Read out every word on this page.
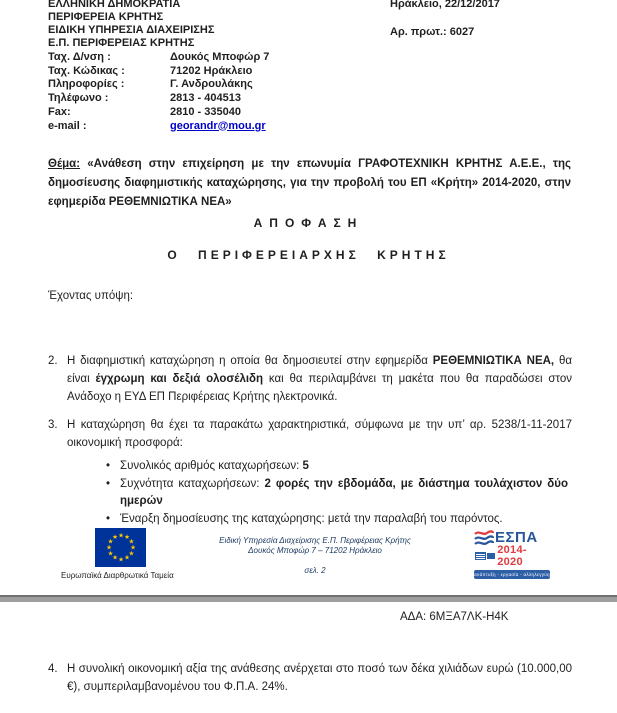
ΕΛΛΗΝΙΚΗ ΔΗΜΟΚΡΑΤΙΑ
ΠΕΡΙΦΕΡΕΙΑ ΚΡΗΤΗΣ
ΕΙΔΙΚΗ ΥΠΗΡΕΣΙΑ ΔΙΑΧΕΙΡΙΣΗΣ
Ε.Π. ΠΕΡΙΦΕΡΕΙΑΣ ΚΡΗΤΗΣ
Ηράκλειο, 22/12/2017
Αρ. πρωτ.: 6027
Ταχ. Δ/νση :	Δουκός Μποφώρ 7
Ταχ. Κώδικας :	71202 Ηράκλειο
Πληροφορίες :	Γ. Ανδρουλάκης
Τηλέφωνο :	2813 - 404513
Fax:	2810 - 335040
e-mail :	georandr@mou.gr
Θέμα: «Ανάθεση στην επιχείρηση με την επωνυμία ΓΡΑΦΟΤΕΧΝΙΚΗ ΚΡΗΤΗΣ Α.Ε.Ε., της δημοσίευσης διαφημιστικής καταχώρησης, για την προβολή του ΕΠ «Κρήτη» 2014-2020, στην εφημερίδα ΡΕΘΕΜΝΙΩΤΙΚΑ ΝΕΑ»
ΑΠΟΦΑΣΗ
Ο ΠΕΡΙΦΕΡΕΙΑΡΧΗΣ ΚΡΗΤΗΣ
Έχοντας υπόψη:
2. Η διαφημιστική καταχώρηση η οποία θα δημοσιευτεί στην εφημερίδα ΡΕΘΕΜΝΙΩΤΙΚΑ ΝΕΑ, θα είναι έγχρωμη και δεξιά ολοσέλιδη και θα περιλαμβάνει τη μακέτα που θα παραδώσει στον Ανάδοχο η ΕΥΔ ΕΠ Περιφέρειας Κρήτης ηλεκτρονικά.
3. Η καταχώρηση θα έχει τα παρακάτω χαρακτηριστικά, σύμφωνα με την υπ’ αρ. 5238/1-11-2017 οικονομική προσφορά:
• Συνολικός αριθμός καταχωρήσεων: 5
• Συχνότητα καταχωρήσεων: 2 φορές την εβδομάδα, με διάστημα τουλάχιστον δύο ημερών
• Έναρξη δημοσίευσης της καταχώρησης: μετά την παραλαβή του παρόντος.
★ ★
★
★
★
★
★
★
★
★
★
★
Ευρωπαϊκά Διαρθρωτικά Ταμεία
Ειδική Υπηρεσία Διαχείρισης Ε.Π. Περιφέρειας Κρήτης
Δουκός Μποφώρ 7 – 71202 Ηράκλειο
σελ. 2
ΕΣΠΑ
2014-2020
ανάπτυξη - εργασία - αλληλεγγύη
ΑΔΑ: 6ΜΞΑ7ΛΚ-Η4Κ
4. Η συνολική οικονομική αξία της ανάθεσης ανέρχεται στο ποσό των δέκα χιλιάδων ευρώ (10.000,00 €), συμπεριλαμβανομένου του Φ.Π.Α. 24%.
